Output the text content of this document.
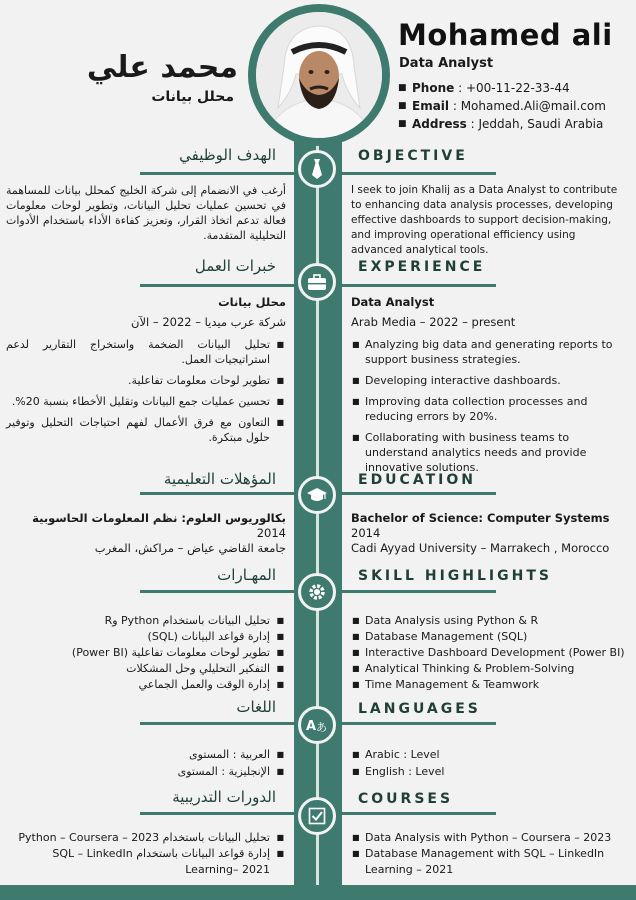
Mohamed ali
Data Analyst
■ Phone : +00-11-22-33-44
■ Email : Mohamed.Ali@mail.com
■ Address : Jeddah, Saudi Arabia
محمد علي
محلل بيانات
OBJECTIVE
الهدف الوظيفي
I seek to join Khalij as a Data Analyst to contribute to enhancing data analysis processes, developing effective dashboards to support decision-making, and improving operational efficiency using advanced analytical tools.
أرغب في الانضمام إلى شركة الخليج كمحلل بيانات للمساهمة في تحسين عمليات تحليل البيانات، وتطوير لوحات معلومات فعالة تدعم اتخاذ القرار، وتعزيز كفاءة الأداء باستخدام الأدوات التحليلية المتقدمة.
EXPERIENCE
خبرات العمل
Data Analyst
Arab Media – 2022 – present
■ Analyzing big data and generating reports to support business strategies.
■ Developing interactive dashboards.
■ Improving data collection processes and reducing errors by 20%.
■ Collaborating with business teams to understand analytics needs and provide innovative solutions.
محلل بيانات
شركة عرب ميديا – 2022 – الآن
■ تحليل البيانات الضخمة واستخراج التقارير لدعم استراتيجيات العمل.
■ تطوير لوحات معلومات تفاعلية.
■ تحسين عمليات جمع البيانات وتقليل الأخطاء بنسبة 20%.
■ التعاون مع فرق الأعمال لفهم احتياجات التحليل وتوفير حلول مبتكرة.
EDUCATION
المؤهلات التعليمية
Bachelor of Science: Computer Systems
2014
Cadi Ayyad University – Marrakech , Morocco
بكالوريوس العلوم: نظم المعلومات الحاسوبية
2014
جامعة القاضي عياض – مراكش، المغرب
SKILL HIGHLIGHTS
المهـارات
■ Data Analysis using Python & R
■ Database Management (SQL)
■ Interactive Dashboard Development (Power BI)
■ Analytical Thinking & Problem-Solving
■ Time Management & Teamwork
■ تحليل البيانات باستخدام Python وR
■ إدارة قواعد البيانات (SQL)
■ تطوير لوحات معلومات تفاعلية (Power BI)
■ التفكير التحليلي وحل المشكلات
■ إدارة الوقت والعمل الجماعي
A あ
LANGUAGES
اللغات
■ Arabic : Level
■ English : Level
■ العربية : المستوى
■ الإنجليزية : المستوى
COURSES
الدورات التدريبية
■ Data Analysis with Python – Coursera – 2023
■ Database Management with SQL – LinkedIn Learning – 2021
■ تحليل البيانات باستخدام Python – Coursera – 2023
■ إدارة قواعد البيانات باستخدام SQL – LinkedIn Learning– 2021
